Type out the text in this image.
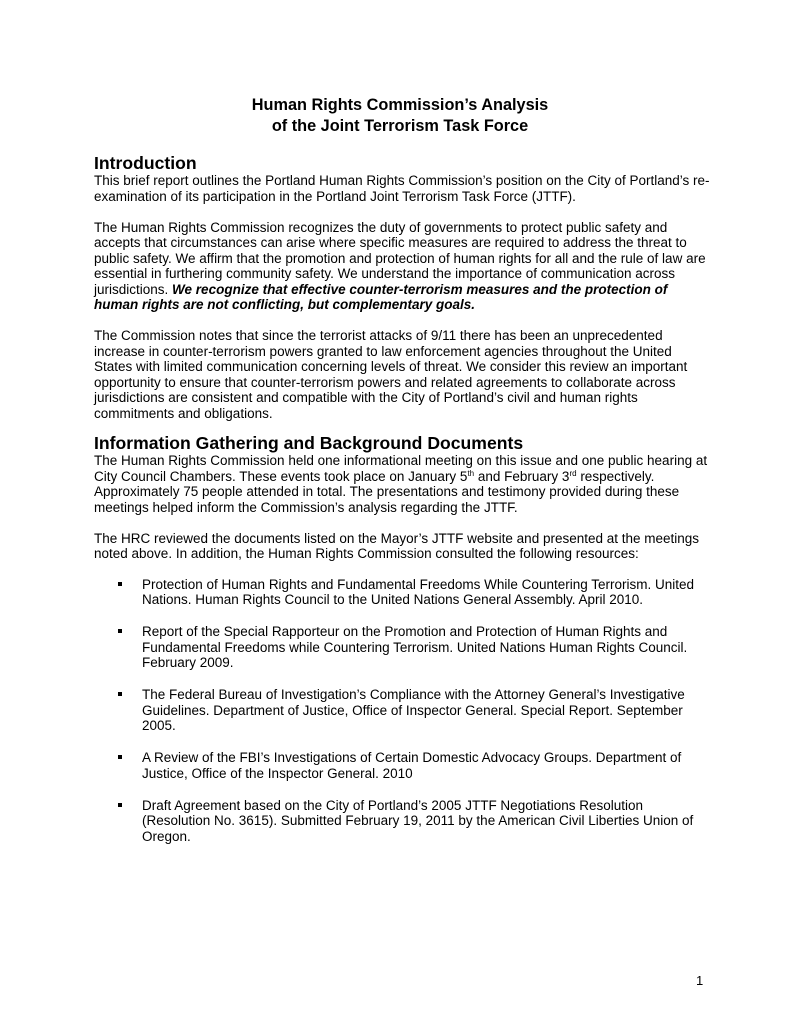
Human Rights Commission’s Analysis
of the Joint Terrorism Task Force
Introduction

This brief report outlines the Portland Human Rights Commission’s position on the City of Portland’s re-examination of its participation in the Portland Joint Terrorism Task Force (JTTF).

The Human Rights Commission recognizes the duty of governments to protect public safety and accepts that circumstances can arise where specific measures are required to address the threat to public safety. We affirm that the promotion and protection of human rights for all and the rule of law are essential in furthering community safety. We understand the importance of communication across jurisdictions. We recognize that effective counter-terrorism measures and the protection of human rights are not conflicting, but complementary goals.

The Commission notes that since the terrorist attacks of 9/11 there has been an unprecedented increase in counter-terrorism powers granted to law enforcement agencies throughout the United States with limited communication concerning levels of threat. We consider this review an important opportunity to ensure that counter-terrorism powers and related agreements to collaborate across jurisdictions are consistent and compatible with the City of Portland’s civil and human rights commitments and obligations.

Information Gathering and Background Documents

The Human Rights Commission held one informational meeting on this issue and one public hearing at City Council Chambers. These events took place on January 5th and February 3rd respectively. Approximately 75 people attended in total. The presentations and testimony provided during these meetings helped inform the Commission’s analysis regarding the JTTF.

The HRC reviewed the documents listed on the Mayor’s JTTF website and presented at the meetings noted above. In addition, the Human Rights Commission consulted the following resources:

Protection of Human Rights and Fundamental Freedoms While Countering Terrorism. United Nations. Human Rights Council to the United Nations General Assembly. April 2010.
Report of the Special Rapporteur on the Promotion and Protection of Human Rights and Fundamental Freedoms while Countering Terrorism. United Nations Human Rights Council. February 2009.
The Federal Bureau of Investigation’s Compliance with the Attorney General’s Investigative Guidelines. Department of Justice, Office of Inspector General. Special Report. September 2005.
A Review of the FBI’s Investigations of Certain Domestic Advocacy Groups. Department of Justice, Office of the Inspector General. 2010
Draft Agreement based on the City of Portland’s 2005 JTTF Negotiations Resolution (Resolution No. 3615). Submitted February 19, 2011 by the American Civil Liberties Union of Oregon.
1
